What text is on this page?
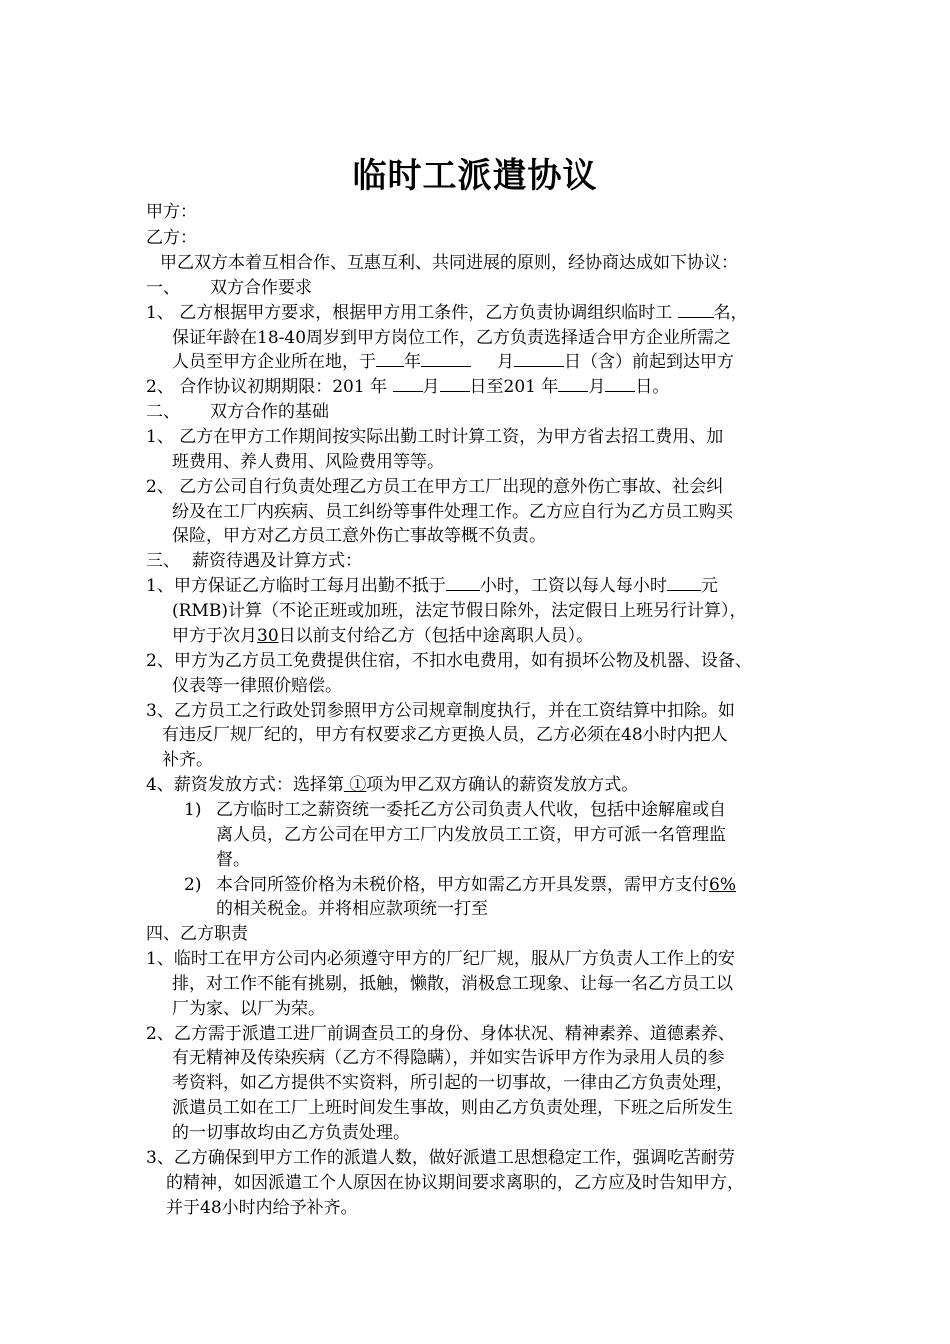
临时工派遣协议
甲方：
乙方：
甲乙双方本着互相合作、互惠互利、共同进展的原则，经协商达成如下协议：
一、 双方合作要求
1、 乙方根据甲方要求，根据甲方用工条件，乙方负责协调组织临时工 名，
保证年龄在18-40周岁到甲方岗位工作，乙方负责选择适合甲方企业所需之
人员至甲方企业所在地，于 年	月	日（含）前起到达甲方
2、 合作协议初期期限：201 年 月 日至201 年 月 日。
二、 双方合作的基础
1、 乙方在甲方工作期间按实际出勤工时计算工资，为甲方省去招工费用、加
班费用、养人费用、风险费用等等。
2、 乙方公司自行负责处理乙方员工在甲方工厂出现的意外伤亡事故、社会纠
纷及在工厂内疾病、员工纠纷等事件处理工作。乙方应自行为乙方员工购买
保险，甲方对乙方员工意外伤亡事故等概不负责。
三、 薪资待遇及计算方式：
1、甲方保证乙方临时工每月出勤不抵于 小时，工资以每人每小时 元
(RMB)计算（不论正班或加班，法定节假日除外，法定假日上班另行计算），
甲方于次月30日以前支付给乙方（包括中途离职人员）。
2、甲方为乙方员工免费提供住宿，不扣水电费用，如有损坏公物及机器、设备、
仪表等一律照价赔偿。
3、乙方员工之行政处罚参照甲方公司规章制度执行，并在工资结算中扣除。如
有违反厂规厂纪的，甲方有权要求乙方更换人员，乙方必须在48小时内把人
补齐。
4、薪资发放方式：选择第 ①项为甲乙双方确认的薪资发放方式。
1) 乙方临时工之薪资统一委托乙方公司负责人代收，包括中途解雇或自
离人员，乙方公司在甲方工厂内发放员工工资，甲方可派一名管理监
督。
2) 本合同所签价格为未税价格，甲方如需乙方开具发票，需甲方支付6%
的相关税金。并将相应款项统一打至
四、乙方职责
1、临时工在甲方公司内必须遵守甲方的厂纪厂规，服从厂方负责人工作上的安
排，对工作不能有挑剔，抵触，懒散，消极怠工现象、让每一名乙方员工以
厂为家、以厂为荣。
2、乙方需于派遣工进厂前调查员工的身份、身体状况、精神素养、道德素养、
有无精神及传染疾病（乙方不得隐瞒），并如实告诉甲方作为录用人员的参
考资料，如乙方提供不实资料，所引起的一切事故，一律由乙方负责处理，
派遣员工如在工厂上班时间发生事故，则由乙方负责处理，下班之后所发生
的一切事故均由乙方负责处理。
3、乙方确保到甲方工作的派遣人数，做好派遣工思想稳定工作，强调吃苦耐劳
的精神，如因派遣工个人原因在协议期间要求离职的，乙方应及时告知甲方，
并于48小时内给予补齐。
